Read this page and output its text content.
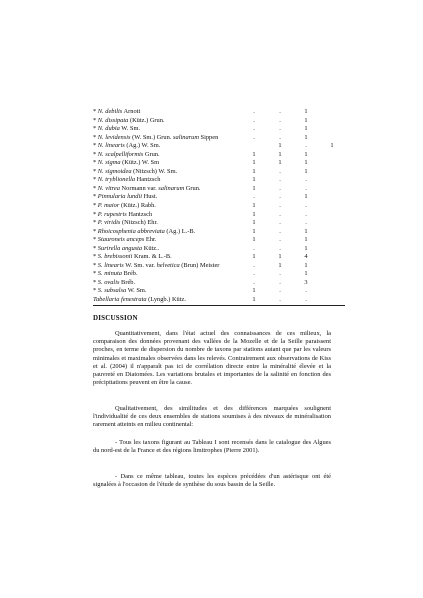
* N. debilis Arnott	.	.	1	
* N. dissipata (Kütz.) Grun.	.	.	1	
* N. dubia W. Sm.	.	.	1	
* N. levidensis (W. Sm.) Grun. salinarum Sippen	.	.	1	
* N. linearis (Ag.) W. Sm.		1	.	1
* N. scalpelliformis Grun.	1	1	1	
* N. sigma (Kütz.) W. Sm	1	1	1	
* N. sigmoidea (Nitzsch) W. Sm.	1	.	1	
* N. tryblionella Hantzsch	1	.	.	
* N. vitrea Normann var. salinarum Grun.	1	.	.	
* Pinnularia lundii Hust.	.	.	1	
* P. maior (Kütz.) Rabh.	1	.	.	
* P. rupestris Hantzsch	1	.	.	
* P. viridis (Nitzsch) Ehr.	1	.	.	
* Rhoicosphenia abbreviata (Ag.) L.-B.	1	.	1	
* Stauroneis anceps Ehr.	1	.	1	
* Surirella angusta Kütz..	.	.	1	
* S. brebissonii Kram. & L.-B.	1	1	4	
* S. linearis W. Sm. var. helvetica (Brun) Meister	.	1	1	
* S. minuta Bréb.	.	.	1	
* S. ovalis Bréb.	.	.	3	
* S. subsalsa W. Sm.	1	.	.	
Tabellaria fenestrata (Lyngb.) Kütz.	1	.	.	
DISCUSSION

Quantitativement, dans l'état actuel des connaissances de ces milieux, la comparaison des données provenant des vallées de la Mozelle et de la Seille paraissent proches, en terme de dispersion du nombre de taxons par stations autant que par les valeurs minimales et maximales observées dans les relevés. Contrairement aux observations de Kiss et al. (2004) il n'apparaît pas ici de corrélation directe entre la minéralité élevée et la pauvreté en Diatomées. Les variations brutales et importantes de la salinité en fonction des précipitations peuvent en être la cause.

Qualitativement, des similitudes et des différences marquées soulignent l'individualité de ces deux ensembles de stations soumises à des niveaux de minéralisation rarement atteints en milieu continental:

- Tous les taxons figurant au Tableau I sont recensés dans le catalogue des Algues du nord-est de la France et des régions limitrophes (Pierre 2001).

- Dans ce même tableau, toutes les espèces précédées d'un astérisque ont été signalées à l'occasion de l'étude de synthèse du sous bassin de la Seille.
